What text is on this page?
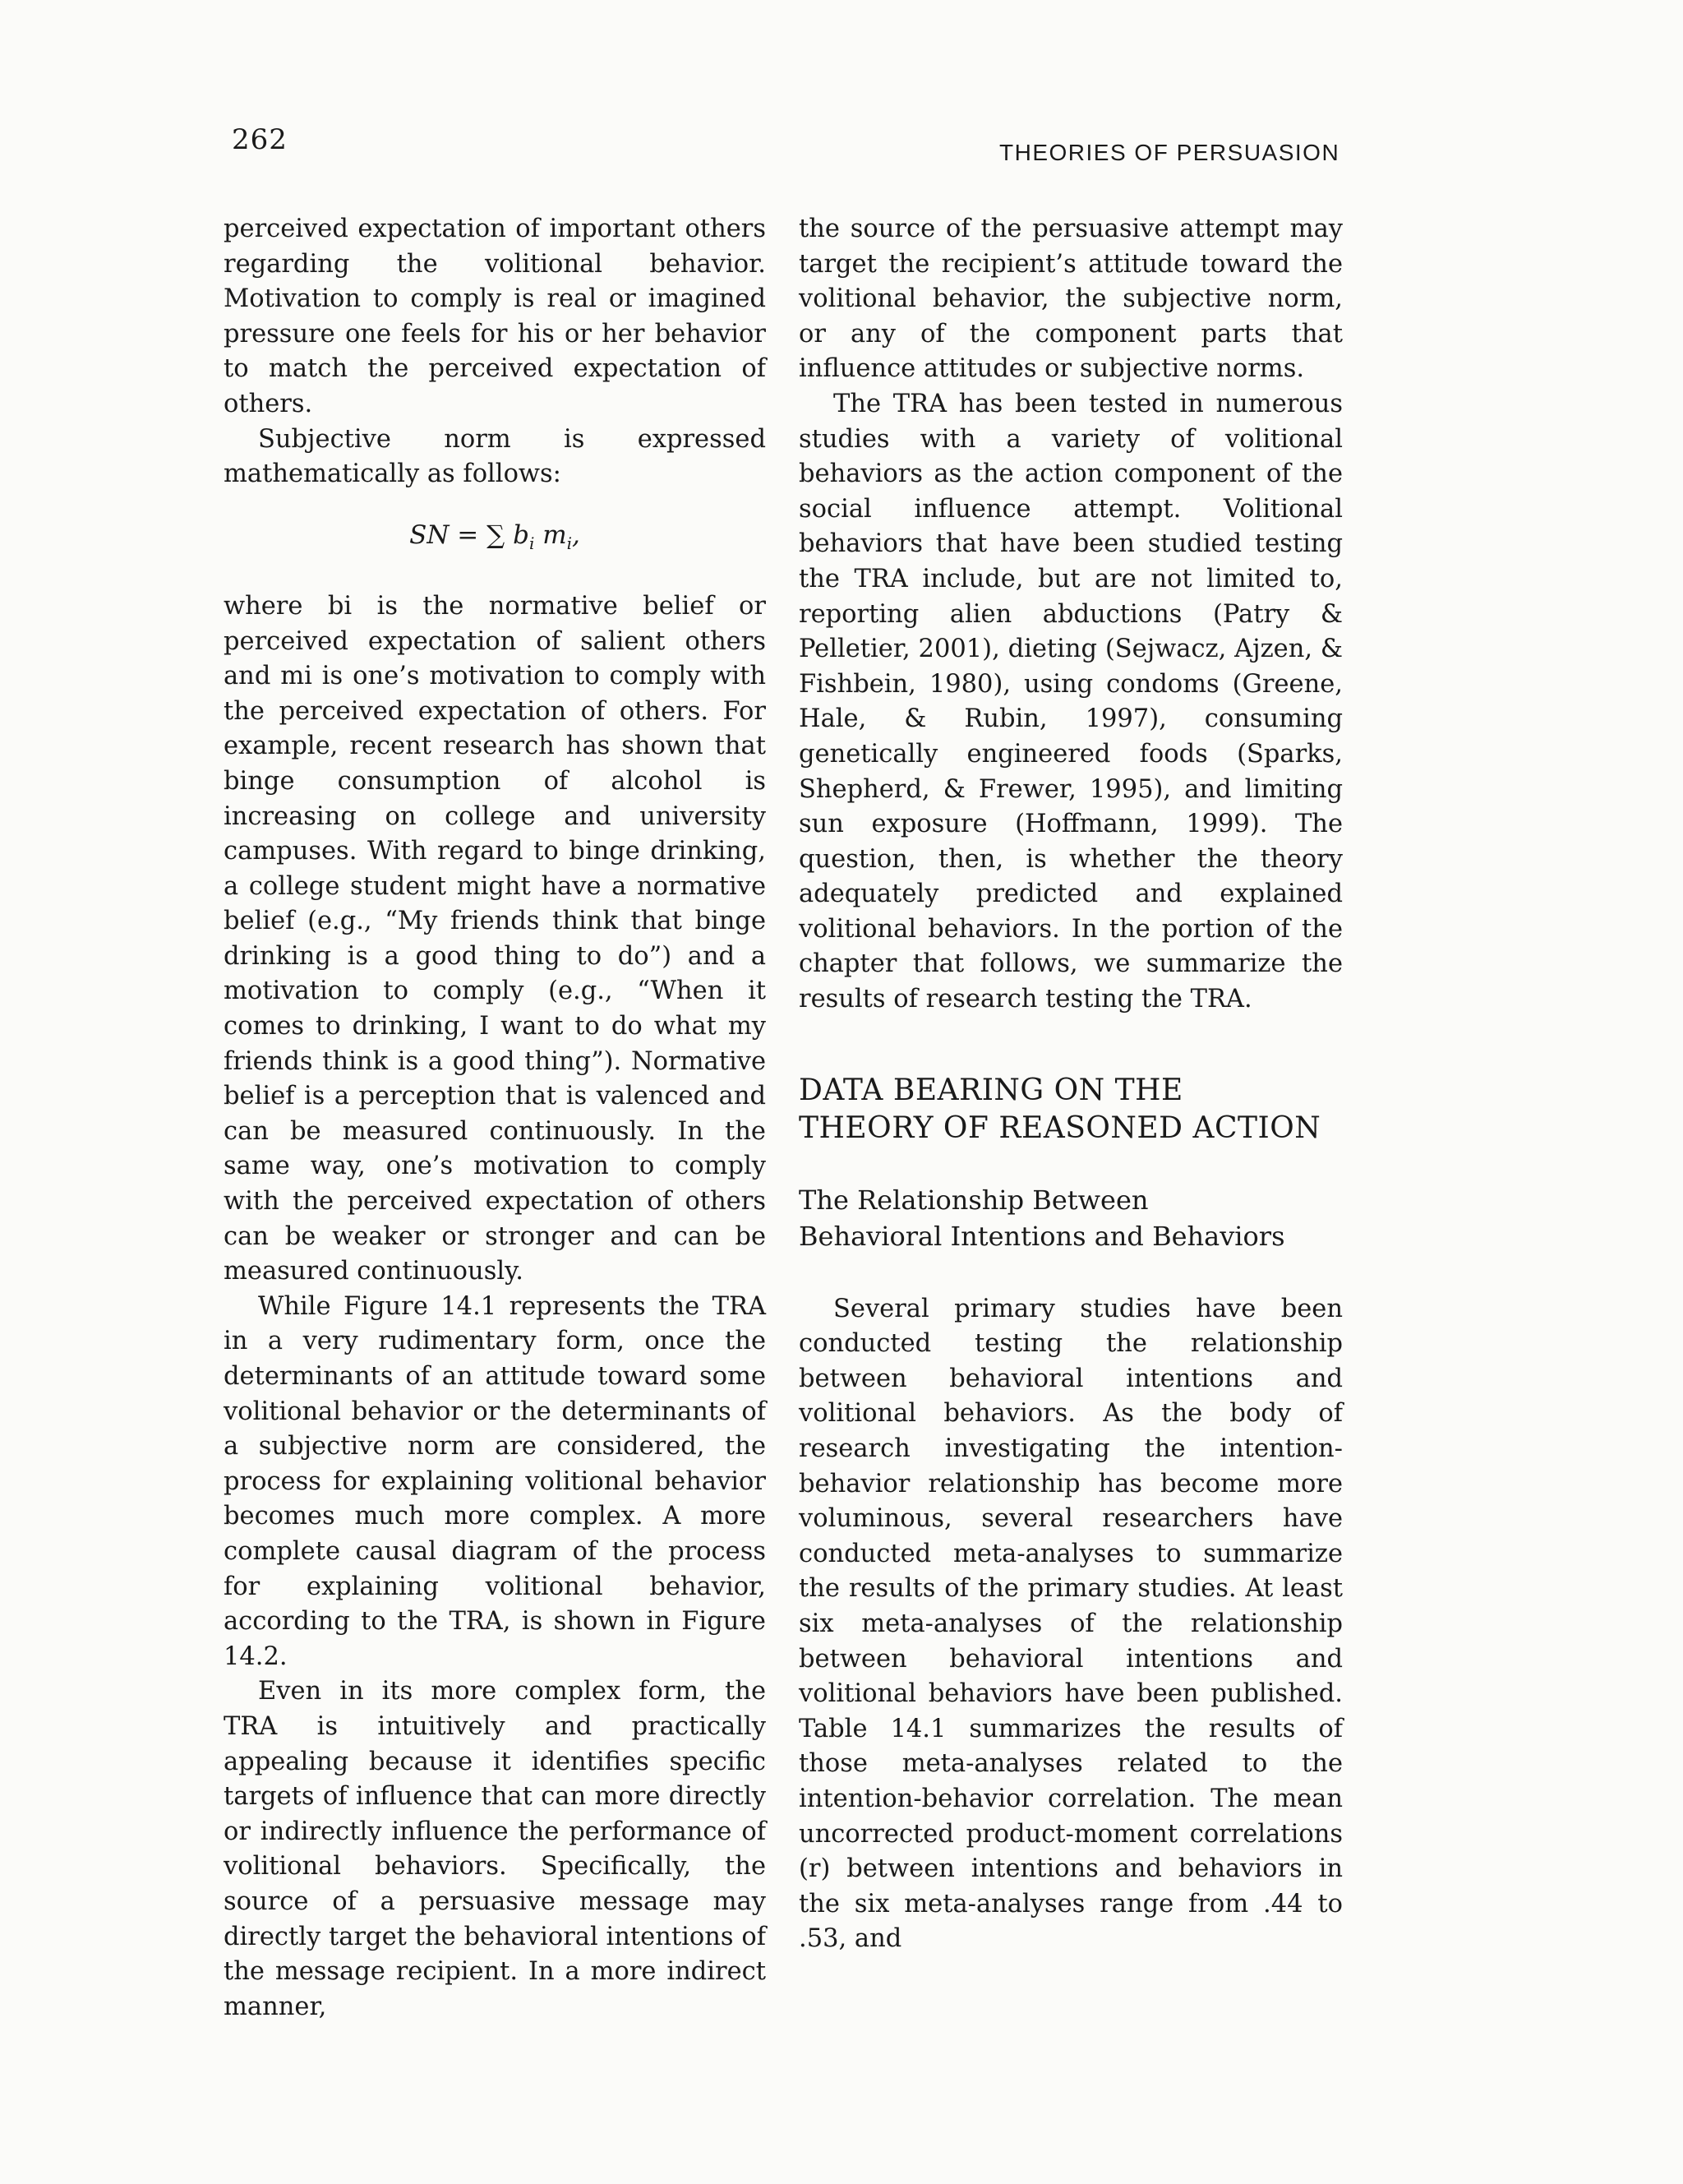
262	THEORIES OF PERSUASION

perceived expectation of important others regarding the volitional behavior. Motivation to comply is real or imagined pressure one feels for his or her behavior to match the perceived expectation of others.

Subjective norm is expressed mathematically as follows:

SN = ∑ $b_i$ $m_i$,

where bi is the normative belief or perceived expectation of salient others and mi is one’s motivation to comply with the perceived expectation of others. For example, recent research has shown that binge consumption of alcohol is increasing on college and university campuses. With regard to binge drinking, a college student might have a normative belief (e.g., “My friends think that binge drinking is a good thing to do”) and a motivation to comply (e.g., “When it comes to drinking, I want to do what my friends think is a good thing”). Normative belief is a perception that is valenced and can be measured continuously. In the same way, one’s motivation to comply with the perceived expectation of others can be weaker or stronger and can be measured continuously.

While Figure 14.1 represents the TRA in a very rudimentary form, once the determinants of an attitude toward some volitional behavior or the determinants of a subjective norm are considered, the process for explaining volitional behavior becomes much more complex. A more complete causal diagram of the process for explaining volitional behavior, according to the TRA, is shown in Figure 14.2.

Even in its more complex form, the TRA is intuitively and practically appealing because it identifies specific targets of influence that can more directly or indirectly influence the performance of volitional behaviors. Specifically, the source of a persuasive message may directly target the behavioral intentions of the message recipient. In a more indirect manner,

the source of the persuasive attempt may target the recipient’s attitude toward the volitional behavior, the subjective norm, or any of the component parts that influence attitudes or subjective norms.

The TRA has been tested in numerous studies with a variety of volitional behaviors as the action component of the social influence attempt. Volitional behaviors that have been studied testing the TRA include, but are not limited to, reporting alien abductions (Patry & Pelletier, 2001), dieting (Sejwacz, Ajzen, & Fishbein, 1980), using condoms (Greene, Hale, & Rubin, 1997), consuming genetically engineered foods (Sparks, Shepherd, & Frewer, 1995), and limiting sun exposure (Hoffmann, 1999). The question, then, is whether the theory adequately predicted and explained volitional behaviors. In the portion of the chapter that follows, we summarize the results of research testing the TRA.

DATA BEARING ON THE
THEORY OF REASONED ACTION
The Relationship Between
Behavioral Intentions and Behaviors

Several primary studies have been conducted testing the relationship between behavioral intentions and volitional behaviors. As the body of research investigating the intention-behavior relationship has become more voluminous, several researchers have conducted meta-analyses to summarize the results of the primary studies. At least six meta-analyses of the relationship between behavioral intentions and volitional behaviors have been published. Table 14.1 summarizes the results of those meta-analyses related to the intention-behavior correlation. The mean uncorrected product-moment correlations (r) between intentions and behaviors in the six meta-analyses range from .44 to .53, and
